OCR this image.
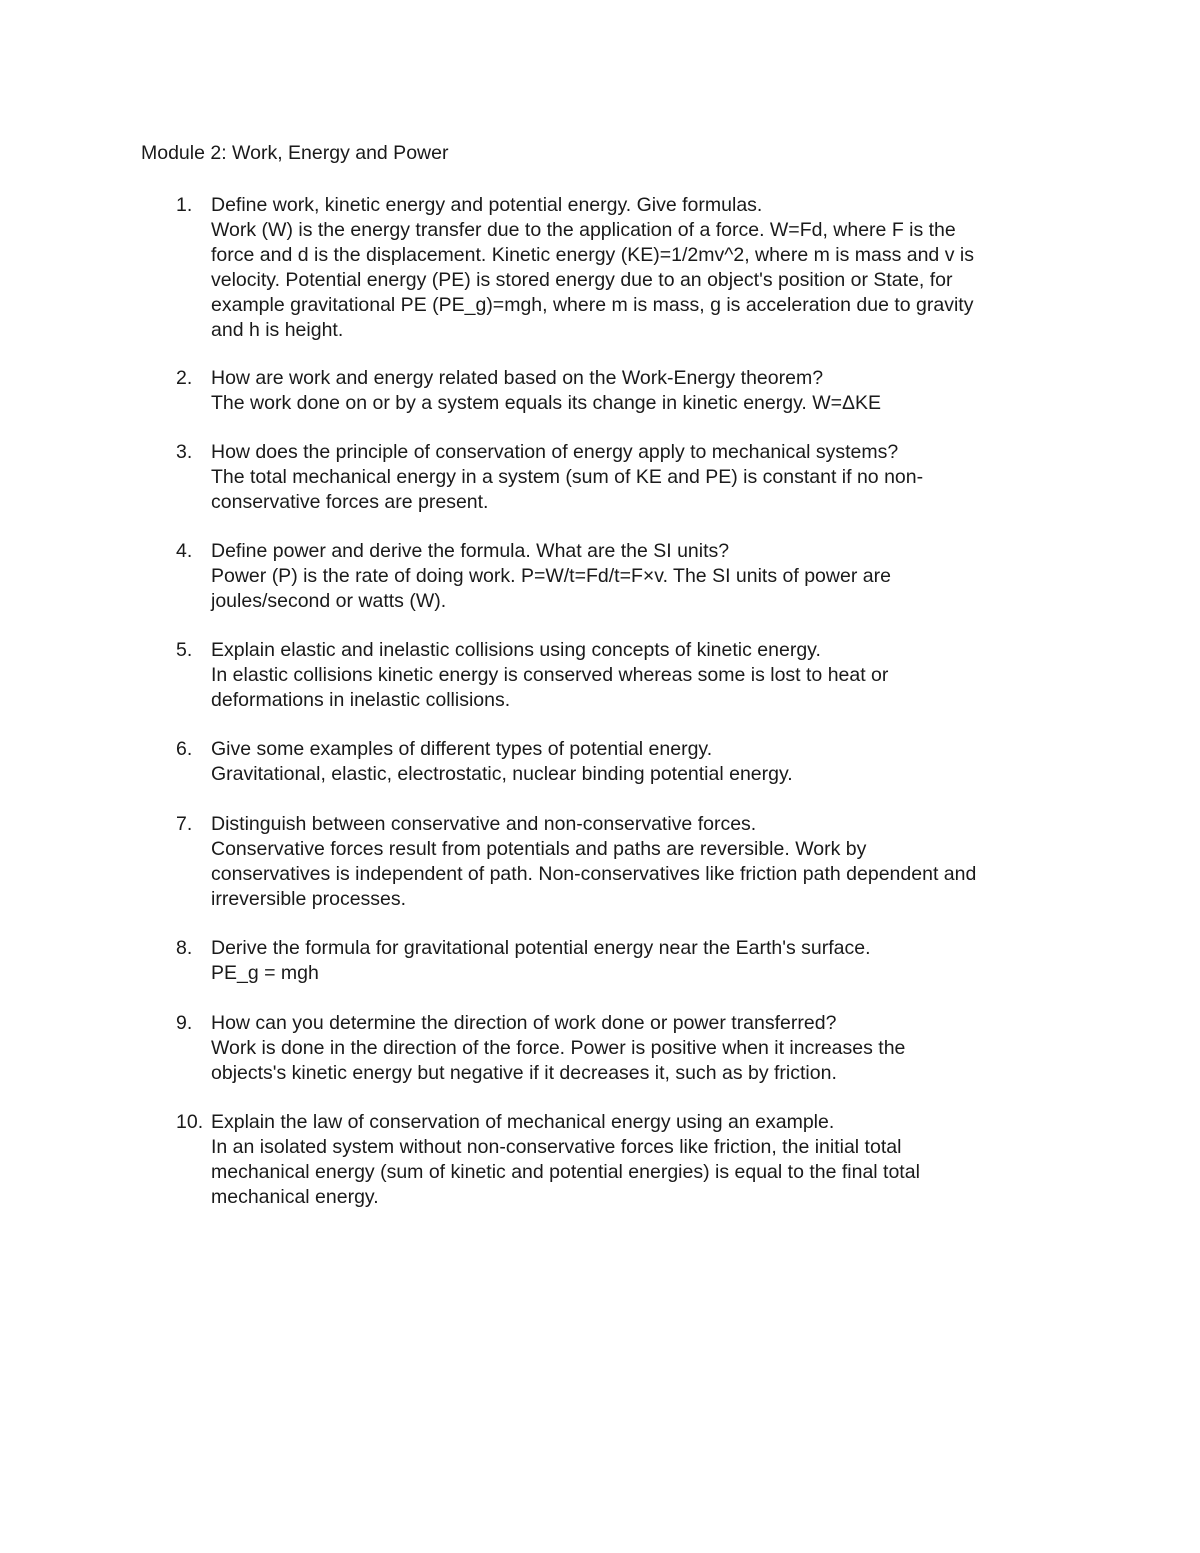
Module 2: Work, Energy and Power
1. Define work, kinetic energy and potential energy. Give formulas.
Work (W) is the energy transfer due to the application of a force. W=Fd, where F is the
force and d is the displacement. Kinetic energy (KE)=1/2mv^2, where m is mass and v is
velocity. Potential energy (PE) is stored energy due to an object's position or State, for
example gravitational PE (PE_g)=mgh, where m is mass, g is acceleration due to gravity
and h is height.
2. How are work and energy related based on the Work-Energy theorem?
The work done on or by a system equals its change in kinetic energy. W=ΔKE
3. How does the principle of conservation of energy apply to mechanical systems?
The total mechanical energy in a system (sum of KE and PE) is constant if no non-
conservative forces are present.
4. Define power and derive the formula. What are the SI units?
Power (P) is the rate of doing work. P=W/t=Fd/t=F×v. The SI units of power are
joules/second or watts (W).
5. Explain elastic and inelastic collisions using concepts of kinetic energy.
In elastic collisions kinetic energy is conserved whereas some is lost to heat or
deformations in inelastic collisions.
6. Give some examples of different types of potential energy.
Gravitational, elastic, electrostatic, nuclear binding potential energy.
7. Distinguish between conservative and non-conservative forces.
Conservative forces result from potentials and paths are reversible. Work by
conservatives is independent of path. Non-conservatives like friction path dependent and
irreversible processes.
8. Derive the formula for gravitational potential energy near the Earth's surface.
PE_g = mgh
9. How can you determine the direction of work done or power transferred?
Work is done in the direction of the force. Power is positive when it increases the
objects's kinetic energy but negative if it decreases it, such as by friction.
10. Explain the law of conservation of mechanical energy using an example.
In an isolated system without non-conservative forces like friction, the initial total
mechanical energy (sum of kinetic and potential energies) is equal to the final total
mechanical energy.
